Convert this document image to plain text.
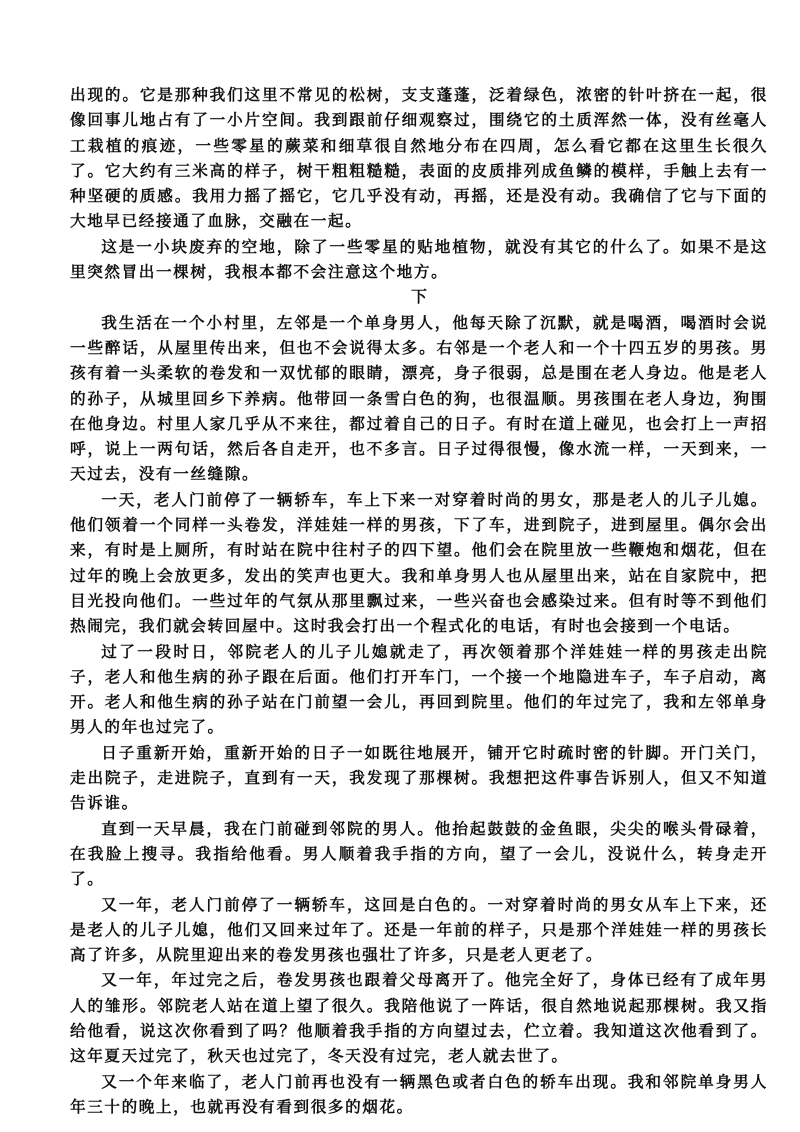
出现的。它是那种我们这里不常见的松树，支支蓬蓬，泛着绿色，浓密的针叶挤在一起，很像回事儿地占有了一小片空间。我到跟前仔细观察过，围绕它的土质浑然一体，没有丝毫人工栽植的痕迹，一些零星的蕨菜和细草很自然地分布在四周，怎么看它都在这里生长很久了。它大约有三米高的样子，树干粗粗糙糙，表面的皮质排列成鱼鳞的模样，手触上去有一种坚硬的质感。我用力摇了摇它，它几乎没有动，再摇，还是没有动。我确信了它与下面的大地早已经接通了血脉，交融在一起。

这是一小块废弃的空地，除了一些零星的贴地植物，就没有其它的什么了。如果不是这里突然冒出一棵树，我根本都不会注意这个地方。

下

我生活在一个小村里，左邻是一个单身男人，他每天除了沉默，就是喝酒，喝酒时会说一些醉话，从屋里传出来，但也不会说得太多。右邻是一个老人和一个十四五岁的男孩。男孩有着一头柔软的卷发和一双忧郁的眼睛，漂亮，身子很弱，总是围在老人身边。他是老人的孙子，从城里回乡下养病。他带回一条雪白色的狗，也很温顺。男孩围在老人身边，狗围在他身边。村里人家几乎从不来往，都过着自己的日子。有时在道上碰见，也会打上一声招呼，说上一两句话，然后各自走开，也不多言。日子过得很慢，像水流一样，一天到来，一天过去，没有一丝缝隙。

一天，老人门前停了一辆轿车，车上下来一对穿着时尚的男女，那是老人的儿子儿媳。他们领着一个同样一头卷发，洋娃娃一样的男孩，下了车，进到院子，进到屋里。偶尔会出来，有时是上厕所，有时站在院中往村子的四下望。他们会在院里放一些鞭炮和烟花，但在过年的晚上会放更多，发出的笑声也更大。我和单身男人也从屋里出来，站在自家院中，把目光投向他们。一些过年的气氛从那里飘过来，一些兴奋也会感染过来。但有时等不到他们热闹完，我们就会转回屋中。这时我会打出一个程式化的电话，有时也会接到一个电话。

过了一段时日，邻院老人的儿子儿媳就走了，再次领着那个洋娃娃一样的男孩走出院子，老人和他生病的孙子跟在后面。他们打开车门，一个接一个地隐进车子，车子启动，离开。老人和他生病的孙子站在门前望一会儿，再回到院里。他们的年过完了，我和左邻单身男人的年也过完了。

日子重新开始，重新开始的日子一如既往地展开，铺开它时疏时密的针脚。开门关门，走出院子，走进院子，直到有一天，我发现了那棵树。我想把这件事告诉别人，但又不知道告诉谁。

直到一天早晨，我在门前碰到邻院的男人。他抬起鼓鼓的金鱼眼，尖尖的喉头骨碌着，在我脸上搜寻。我指给他看。男人顺着我手指的方向，望了一会儿，没说什么，转身走开了。

又一年，老人门前停了一辆轿车，这回是白色的。一对穿着时尚的男女从车上下来，还是老人的儿子儿媳，他们又回来过年了。还是一年前的样子，只是那个洋娃娃一样的男孩长高了许多，从院里迎出来的卷发男孩也强壮了许多，只是老人更老了。

又一年，年过完之后，卷发男孩也跟着父母离开了。他完全好了，身体已经有了成年男人的雏形。邻院老人站在道上望了很久。我陪他说了一阵话，很自然地说起那棵树。我又指给他看，说这次你看到了吗？他顺着我手指的方向望过去，伫立着。我知道这次他看到了。这年夏天过完了，秋天也过完了，冬天没有过完，老人就去世了。

又一个年来临了，老人门前再也没有一辆黑色或者白色的轿车出现。我和邻院单身男人年三十的晚上，也就再没有看到很多的烟花。
